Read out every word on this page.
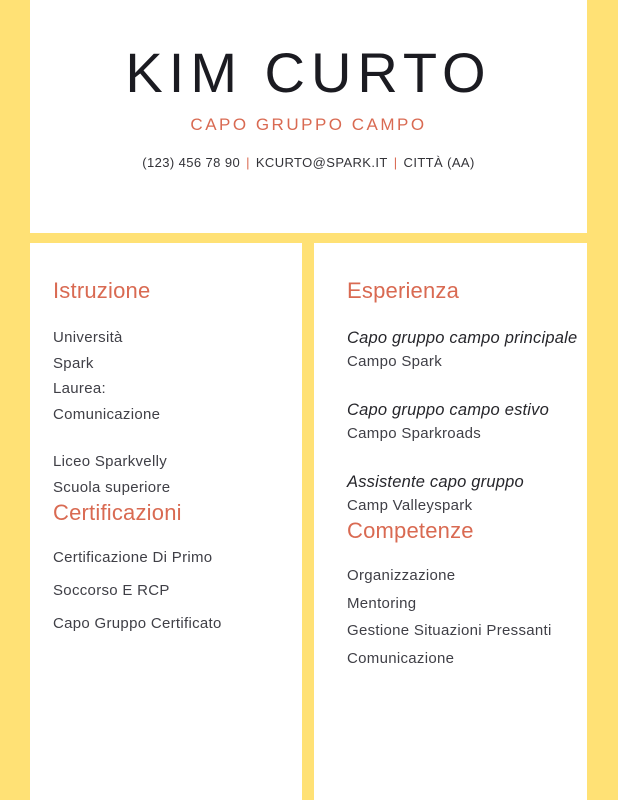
KIM CURTO
CAPO GRUPPO CAMPO
(123) 456 78 90 | KCURTO@SPARK.IT | CITTÀ (AA)
Istruzione
Università
Spark
Laurea:
Comunicazione
Liceo Sparkvelly
Scuola superiore
Certificazioni
Certificazione Di Primo
Soccorso E RCP
Capo Gruppo Certificato
Esperienza
Capo gruppo campo principale
Campo Spark
Capo gruppo campo estivo
Campo Sparkroads
Assistente capo gruppo
Camp Valleyspark
Competenze
Organizzazione
Mentoring
Gestione Situazioni Pressanti
Comunicazione
